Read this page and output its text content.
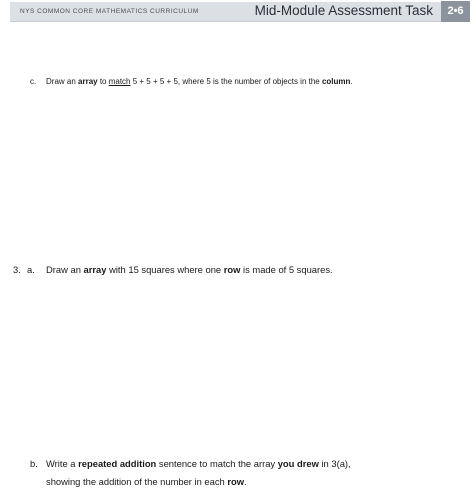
NYS COMMON CORE MATHEMATICS CURRICULUM	Mid-Module Assessment Task	2•6
c. Draw an array to match 5 + 5 + 5 + 5, where 5 is the number of objects in the column.
3. a. Draw an array with 15 squares where one row is made of 5 squares.
b. Write a repeated addition sentence to match the array you drew in 3(a),
showing the addition of the number in each row.
